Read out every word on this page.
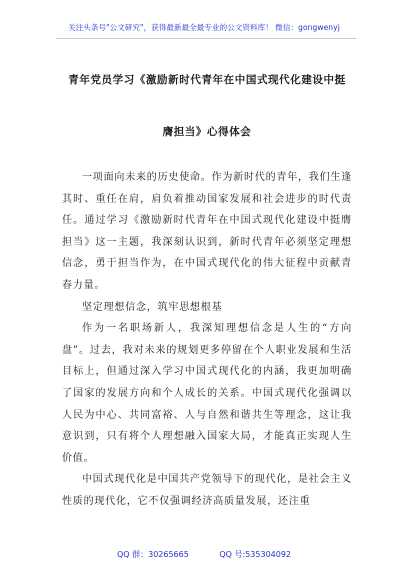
关注头条号"公文研究"，获得最新最全最专业的公文资料库！ 微信：gongwenyj
青年党员学习《激励新时代青年在中国式现代化建设中挺
膺担当》心得体会

一项面向未来的历史使命。作为新时代的青年，我们生逢其时、重任在肩，肩负着推动国家发展和社会进步的时代责任。通过学习《激励新时代青年在中国式现代化建设中挺膺担当》这一主题，我深刻认识到，新时代青年必须坚定理想信念，勇于担当作为，在中国式现代化的伟大征程中贡献青春力量。

坚定理想信念，筑牢思想根基

作为一名职场新人，我深知理想信念是人生的“方向盘”。过去，我对未来的规划更多停留在个人职业发展和生活目标上，但通过深入学习中国式现代化的内涵，我更加明确了国家的发展方向和个人成长的关系。中国式现代化强调以人民为中心、共同富裕、人与自然和谐共生等理念，这让我意识到，只有将个人理想融入国家大局，才能真正实现人生价值。

中国式现代化是中国共产党领导下的现代化，是社会主义性质的现代化，它不仅强调经济高质量发展，还注重

QQ 群：30265665	QQ 号:535304092
